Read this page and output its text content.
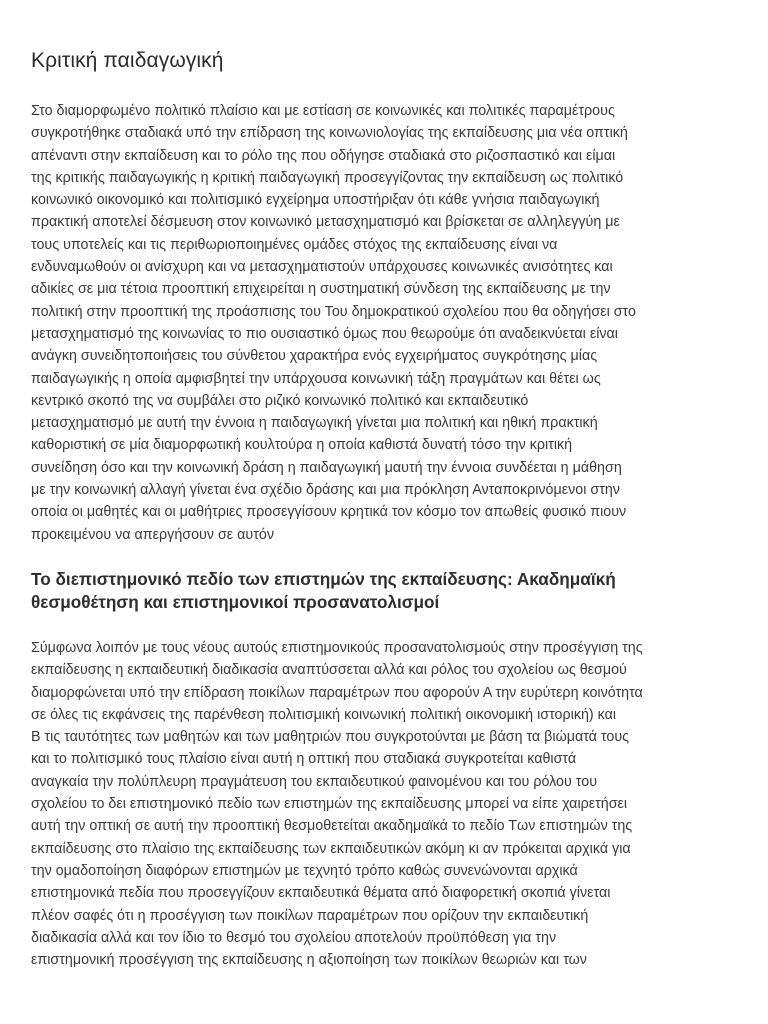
Κριτική παιδαγωγική

Στο διαμορφωμένο πολιτικό πλαίσιο και με εστίαση σε κοινωνικές και πολιτικές παραμέτρους
συγκροτήθηκε σταδιακά υπό την επίδραση της κοινωνιολογίας της εκπαίδευσης μια νέα οπτική
απέναντι στην εκπαίδευση και το ρόλο της που οδήγησε σταδιακά στο ριζοσπαστικό και είμαι
της κριτικής παιδαγωγικής η κριτική παιδαγωγική προσεγγίζοντας την εκπαίδευση ως πολιτικό
κοινωνικό οικονομικό και πολιτισμικό εγχείρημα υποστήριξαν ότι κάθε γνήσια παιδαγωγική
πρακτική αποτελεί δέσμευση στον κοινωνικό μετασχηματισμό και βρίσκεται σε αλληλεγγύη με
τους υποτελείς και τις περιθωριοποιημένες ομάδες στόχος της εκπαίδευσης είναι να
ενδυναμωθούν οι ανίσχυρη και να μετασχηματιστούν υπάρχουσες κοινωνικές ανισότητες και
αδικίες σε μια τέτοια προοπτική επιχειρείται η συστηματική σύνδεση της εκπαίδευσης με την
πολιτική στην προοπτική της προάσπισης του Του δημοκρατικού σχολείου που θα οδηγήσει στο
μετασχηματισμό της κοινωνίας το πιο ουσιαστικό όμως που θεωρούμε ότι αναδεικνύεται είναι
ανάγκη συνειδητοποιήσεις του σύνθετου χαρακτήρα ενός εγχειρήματος συγκρότησης μίας
παιδαγωγικής η οποία αμφισβητεί την υπάρχουσα κοινωνική τάξη πραγμάτων και θέτει ως
κεντρικό σκοπό της να συμβάλει στο ριζικό κοινωνικό πολιτικό και εκπαιδευτικό
μετασχηματισμό με αυτή την έννοια η παιδαγωγική γίνεται μια πολιτική και ηθική πρακτική
καθοριστική σε μία διαμορφωτική κουλτούρα η οποία καθιστά δυνατή τόσο την κριτική
συνείδηση όσο και την κοινωνική δράση η παιδαγωγική μαυτή την έννοια συνδέεται η μάθηση
με την κοινωνική αλλαγή γίνεται ένα σχέδιο δράσης και μια πρόκληση Ανταποκρινόμενοι στην
οποία οι μαθητές και οι μαθήτριες προσεγγίσουν κρητικά τον κόσμο τον απωθείς φυσικό πιουν
προκειμένου να απεργήσουν σε αυτόν

Το διεπιστημονικό πεδίο των επιστημών της εκπαίδευσης: Ακαδημαϊκή
θεσμοθέτηση και επιστημονικοί προσανατολισμοί

Σύμφωνα λοιπόν με τους νέους αυτούς επιστημονικούς προσανατολισμούς στην προσέγγιση της
εκπαίδευσης η εκπαιδευτική διαδικασία αναπτύσσεται αλλά και ρόλος του σχολείου ως θεσμού
διαμορφώνεται υπό την επίδραση ποικίλων παραμέτρων που αφορούν Α την ευρύτερη κοινότητα
σε όλες τις εκφάνσεις της παρένθεση πολιτισμική κοινωνική πολιτική οικονομική ιστορική) και
Β τις ταυτότητες των μαθητών και των μαθητριών που συγκροτούνται με βάση τα βιώματά τους
και το πολιτισμικό τους πλαίσιο είναι αυτή η οπτική που σταδιακά συγκροτείται καθιστά
αναγκαία την πολύπλευρη πραγμάτευση του εκπαιδευτικού φαινομένου και του ρόλου του
σχολείου το δει επιστημονικό πεδίο των επιστημών της εκπαίδευσης μπορεί να είπε χαιρετήσει
αυτή την οπτική σε αυτή την προοπτική θεσμοθετείται ακαδημαϊκά το πεδίο Των επιστημών της
εκπαίδευσης στο πλαίσιο της εκπαίδευσης των εκπαιδευτικών ακόμη κι αν πρόκειται αρχικά για
την ομαδοποίηση διαφόρων επιστημών με τεχνητό τρόπο καθώς συνενώνονται αρχικά
επιστημονικά πεδία που προσεγγίζουν εκπαιδευτικά θέματα από διαφορετική σκοπιά γίνεται
πλέον σαφές ότι η προσέγγιση των ποικίλων παραμέτρων που ορίζουν την εκπαιδευτική
διαδικασία αλλά και τον ίδιο το θεσμό του σχολείου αποτελούν προϋπόθεση για την
επιστημονική προσέγγιση της εκπαίδευσης η αξιοποίηση των ποικίλων θεωριών και των
